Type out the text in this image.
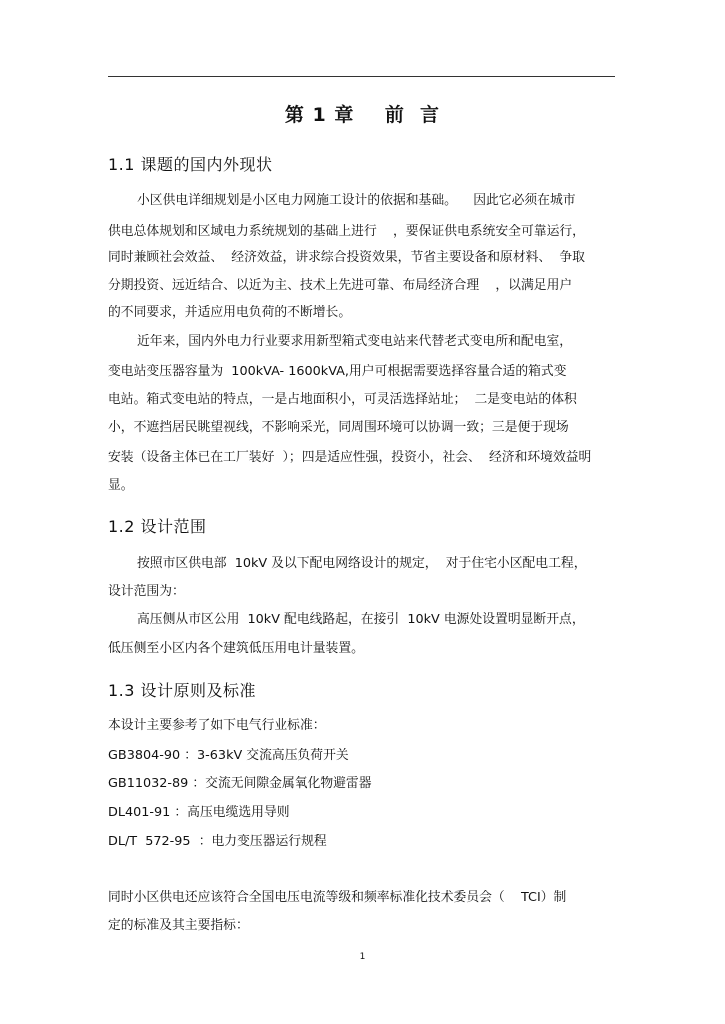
第 1 章    前  言
1.1 课题的国内外现状
小区供电详细规划是小区电力网施工设计的依据和基础。    因此它必须在城市
供电总体规划和区域电力系统规划的基础上进行    ，要保证供电系统安全可靠运行，
同时兼顾社会效益、  经济效益，讲求综合投资效果，节省主要设备和原材料、  争取
分期投资、远近结合、以近为主、技术上先进可靠、布局经济合理    ，以满足用户
的不同要求，并适应用电负荷的不断增长。
近年来，国内外电力行业要求用新型箱式变电站来代替老式变电所和配电室，
变电站变压器容量为  100kVA- 1600kVA,用户可根据需要选择容量合适的箱式变
电站。箱式变电站的特点，一是占地面积小，可灵活选择站址；  二是变电站的体积
小，不遮挡居民眺望视线，不影响采光，同周围环境可以协调一致；三是便于现场
安装（设备主体已在工厂装好  ）；四是适应性强，投资小，社会、  经济和环境效益明
显。
1.2 设计范围
按照市区供电部  10kV 及以下配电网络设计的规定，  对于住宅小区配电工程，
设计范围为：
高压侧从市区公用  10kV 配电线路起，在接引  10kV 电源处设置明显断开点，
低压侧至小区内各个建筑低压用电计量装置。
1.3 设计原则及标准
本设计主要参考了如下电气行业标准：
GB3804-90 ：3-63kV 交流高压负荷开关
GB11032-89 ：交流无间隙金属氧化物避雷器
DL401-91 ：高压电缆选用导则
DL/T  572-95  ：电力变压器运行规程
同时小区供电还应该符合全国电压电流等级和频率标准化技术委员会（    TCI）制
定的标准及其主要指标：
1
